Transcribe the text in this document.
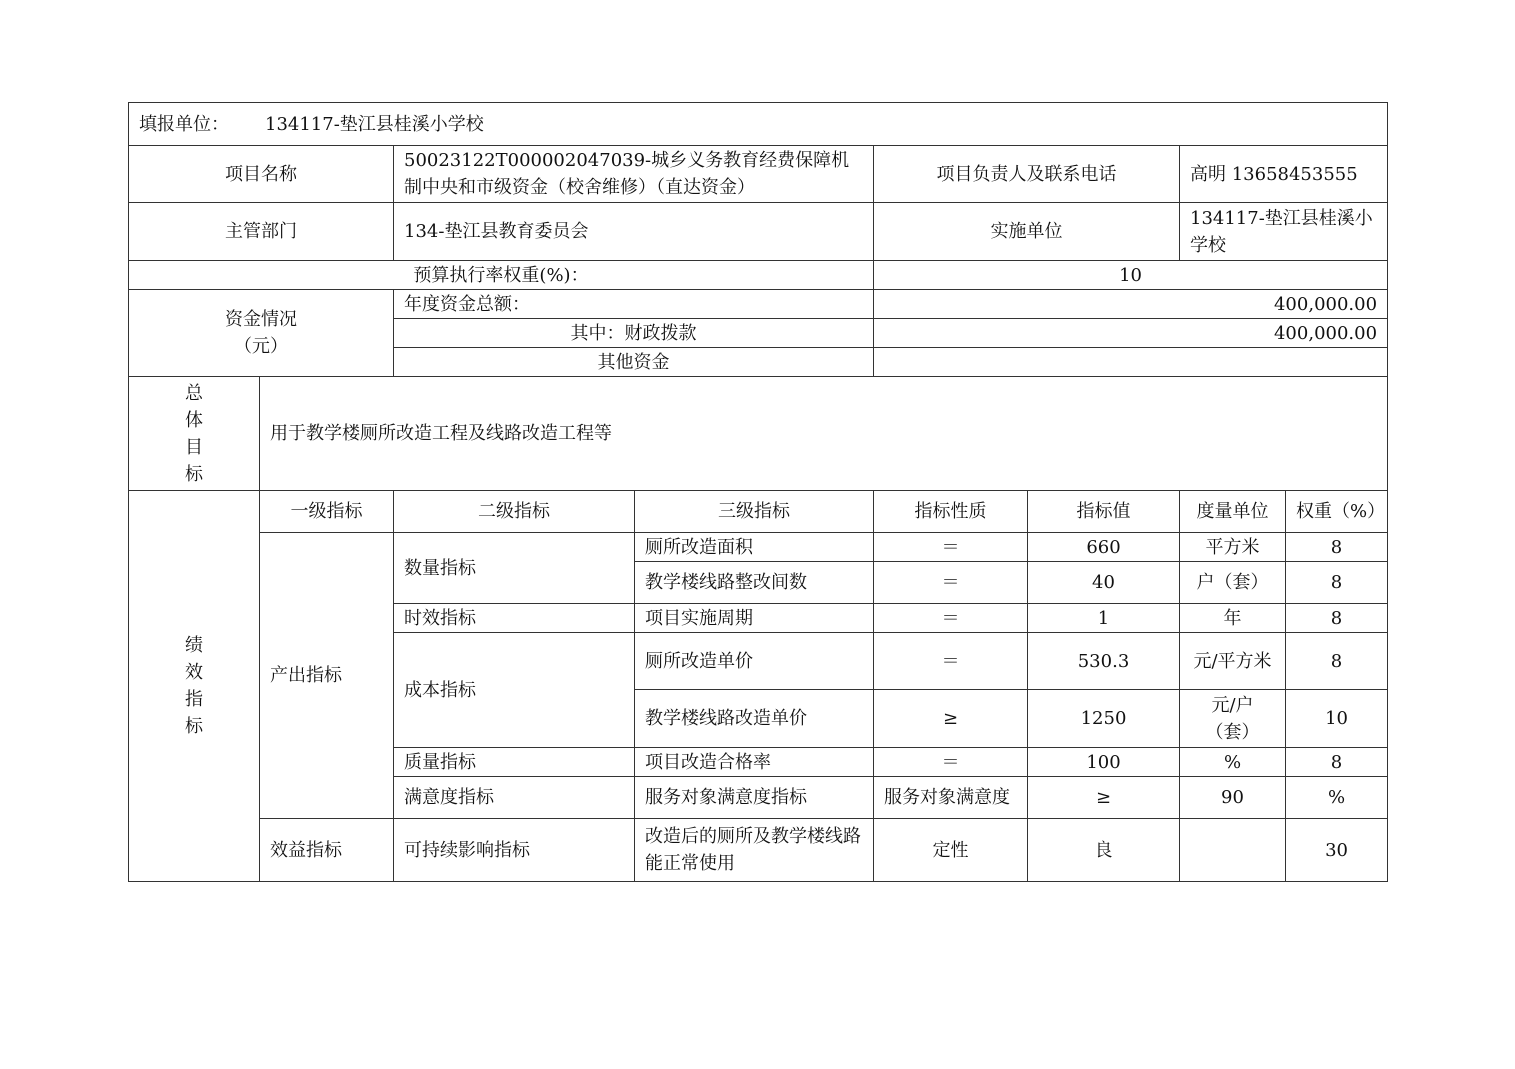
填报单位： 134117-垫江县桂溪小学校								
项目名称		50023122T000002047039-城乡义务教育经费保障机制中央和市级资金（校舍维修）（直达资金）		项目负责人及联系电话		高明 13658453555		
主管部门		134-垫江县教育委员会		实施单位		134117-垫江县桂溪小学校		
预算执行率权重(%)：				10				

资金情况
（元）		年度资金总额：		400,000.00				
		其中：财政拨款		400,000.00				
		其他资金						

总
体
目
标	用于教学楼厕所改造工程及线路改造工程等							

绩
效
指
标	一级指标	二级指标	三级指标	指标性质	指标值	度量单位	权重（%）	
	产出指标	数量指标	厕所改造面积	＝	660	平方米	8	
			教学楼线路整改间数	＝	40	户（套）	8	
		时效指标	项目实施周期	＝	1	年	8	
		成本指标	厕所改造单价	＝	530.3	元/平方米	8	
			教学楼线路改造单价	≥	1250	元/户（套）	10	
		质量指标	项目改造合格率	＝	100	%	8	
		满意度指标	服务对象满意度指标	服务对象满意度	≥	90	%	
	效益指标	可持续影响指标	改造后的厕所及教学楼线路能正常使用	定性	良		30	
